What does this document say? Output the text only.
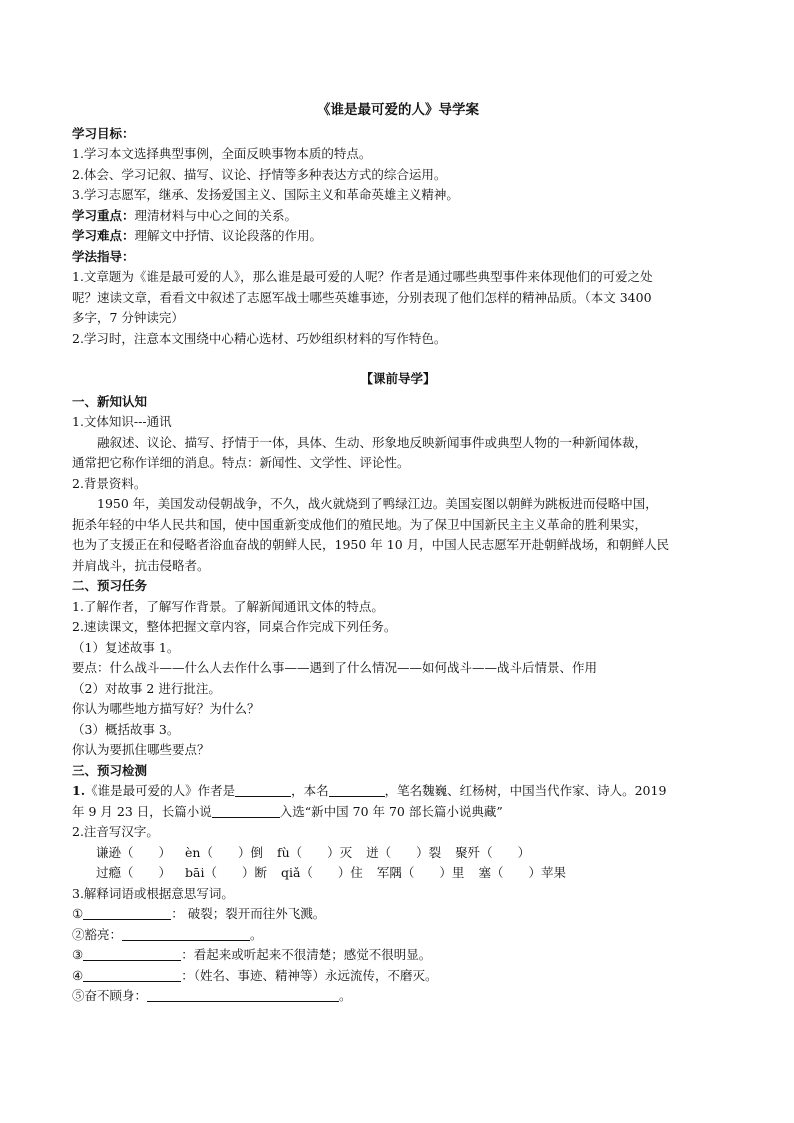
《谁是最可爱的人》导学案
学习目标：
1.学习本文选择典型事例，全面反映事物本质的特点。
2.体会、学习记叙、描写、议论、抒情等多种表达方式的综合运用。
3.学习志愿军，继承、发扬爱国主义、国际主义和革命英雄主义精神。
学习重点：理清材料与中心之间的关系。
学习难点：理解文中抒情、议论段落的作用。
学法指导：
1.文章题为《谁是最可爱的人》，那么谁是最可爱的人呢？作者是通过哪些典型事件来体现他们的可爱之处
呢？速读文章，看看文中叙述了志愿军战士哪些英雄事迹，分别表现了他们怎样的精神品质。（本文 3400
多字，7 分钟读完）
2.学习时，注意本文围绕中心精心选材、巧妙组织材料的写作特色。
【课前导学】
一、新知认知
1.文体知识---通讯
融叙述、议论、描写、抒情于一体，具体、生动、形象地反映新闻事件或典型人物的一种新闻体裁，
通常把它称作详细的消息。特点：新闻性、文学性、评论性。
2.背景资料。
1950 年，美国发动侵朝战争，不久，战火就烧到了鸭绿江边。美国妄图以朝鲜为跳板进而侵略中国，
扼杀年轻的中华人民共和国，使中国重新变成他们的殖民地。为了保卫中国新民主主义革命的胜利果实，
也为了支援正在和侵略者浴血奋战的朝鲜人民，1950 年 10 月，中国人民志愿军开赴朝鲜战场，和朝鲜人民
并肩战斗，抗击侵略者。
二、预习任务
1.了解作者，了解写作背景。了解新闻通讯文体的特点。
2.速读课文，整体把握文章内容，同桌合作完成下列任务。
（1）复述故事 1。
要点：什么战斗——什么人去作什么事——遇到了什么情况——如何战斗——战斗后情景、作用
（2）对故事 2 进行批注。
你认为哪些地方描写好？为什么？
（3）概括故事 3。
你认为要抓住哪些要点？
三、预习检测
1.《谁是最可爱的人》作者是	，本名	，笔名魏巍、红杨树，中国当代作家、诗人。2019
年 9 月 23 日，长篇小说	入选“新中国 70 年 70 部长篇小说典藏”
2.注音写汉字。
谦逊（　　） èn（　　）倒 fù（　　）灭 迸（　　）裂 聚歼（　　）
过瘾（　　） bāi（　　）断 qiǎ（　　）住 军隅（　　）里 塞（　　）苹果
3.解释词语或根据意思写词。
①	： 破裂；裂开而往外飞溅。
②豁亮：	。
③	：看起来或听起来不很清楚；感觉不很明显。
④	：（姓名、事迹、精神等）永远流传，不磨灭。
⑤奋不顾身：	。
